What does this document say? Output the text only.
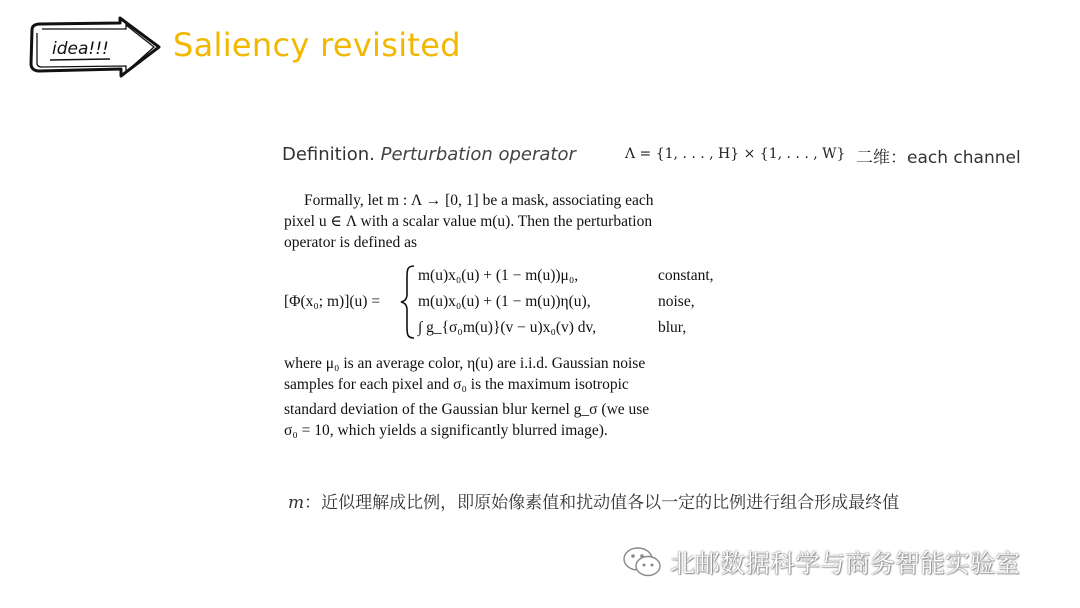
idea!!! Saliency revisited
Definition. Perturbation operator	Λ = {1, . . . , H} × {1, . . . , W} 二维：each channel
Formally, let m : Λ → [0, 1] be a mask, associating each
pixel u ∈ Λ with a scalar value m(u). Then the perturbation
operator is defined as
[Φ(x₀; m)](u) =
m(u)x₀(u) + (1 − m(u))μ₀,	constant,
m(u)x₀(u) + (1 − m(u))η(u),	noise,
∫ g_{σ₀m(u)}(v − u)x₀(v) dv,	blur,
where μ₀ is an average color, η(u) are i.i.d. Gaussian noise
samples for each pixel and σ₀ is the maximum isotropic
standard deviation of the Gaussian blur kernel g_σ (we use
σ₀ = 10, which yields a significantly blurred image).
m：近似理解成比例，即原始像素值和扰动值各以一定的比例进行组合形成最终值
北邮数据科学与商务智能实验室
